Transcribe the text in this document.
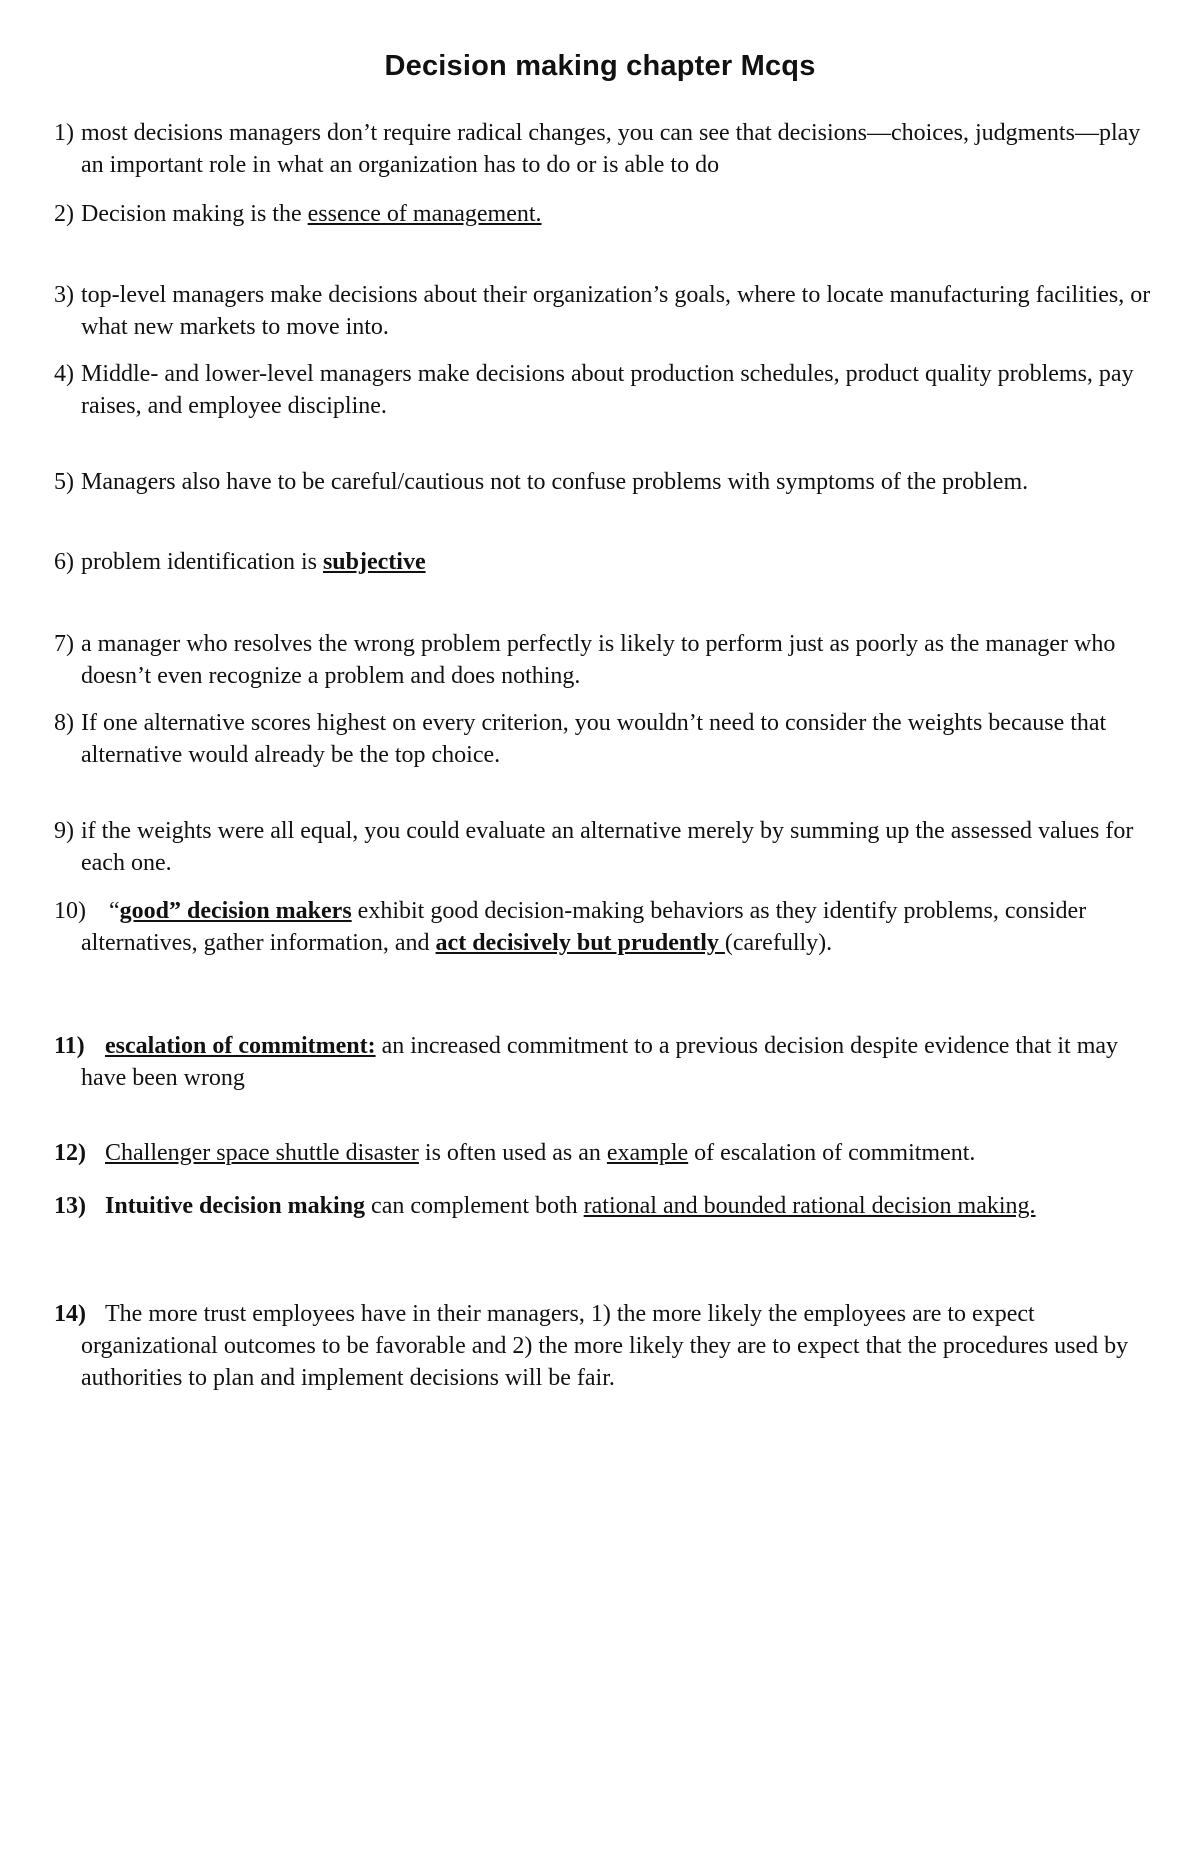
Decision making chapter Mcqs
1) most decisions managers don’t require radical changes, you can see that decisions—choices, judgments—play an important role in what an organization has to do or is able to do
2) Decision making is the essence of management.
3) top-level managers make decisions about their organization’s goals, where to locate manufacturing facilities, or what new markets to move into.
4) Middle- and lower-level managers make decisions about production schedules, product quality problems, pay raises, and employee discipline.
5) Managers also have to be careful/cautious not to confuse problems with symptoms of the problem.
6) problem identification is subjective
7) a manager who resolves the wrong problem perfectly is likely to perform just as poorly as the manager who doesn’t even recognize a problem and does nothing.
8) If one alternative scores highest on every criterion, you wouldn’t need to consider the weights because that alternative would already be the top choice.
9) if the weights were all equal, you could evaluate an alternative merely by summing up the assessed values for each one.
10) “good” decision makers exhibit good decision-making behaviors as they identify problems, consider alternatives, gather information, and act decisively but prudently (carefully).
11) escalation of commitment: an increased commitment to a previous decision despite evidence that it may have been wrong
12) Challenger space shuttle disaster is often used as an example of escalation of commitment.
13) Intuitive decision making can complement both rational and bounded rational decision making.
14) The more trust employees have in their managers, 1) the more likely the employees are to expect organizational outcomes to be favorable and 2) the more likely they are to expect that the procedures used by authorities to plan and implement decisions will be fair.
